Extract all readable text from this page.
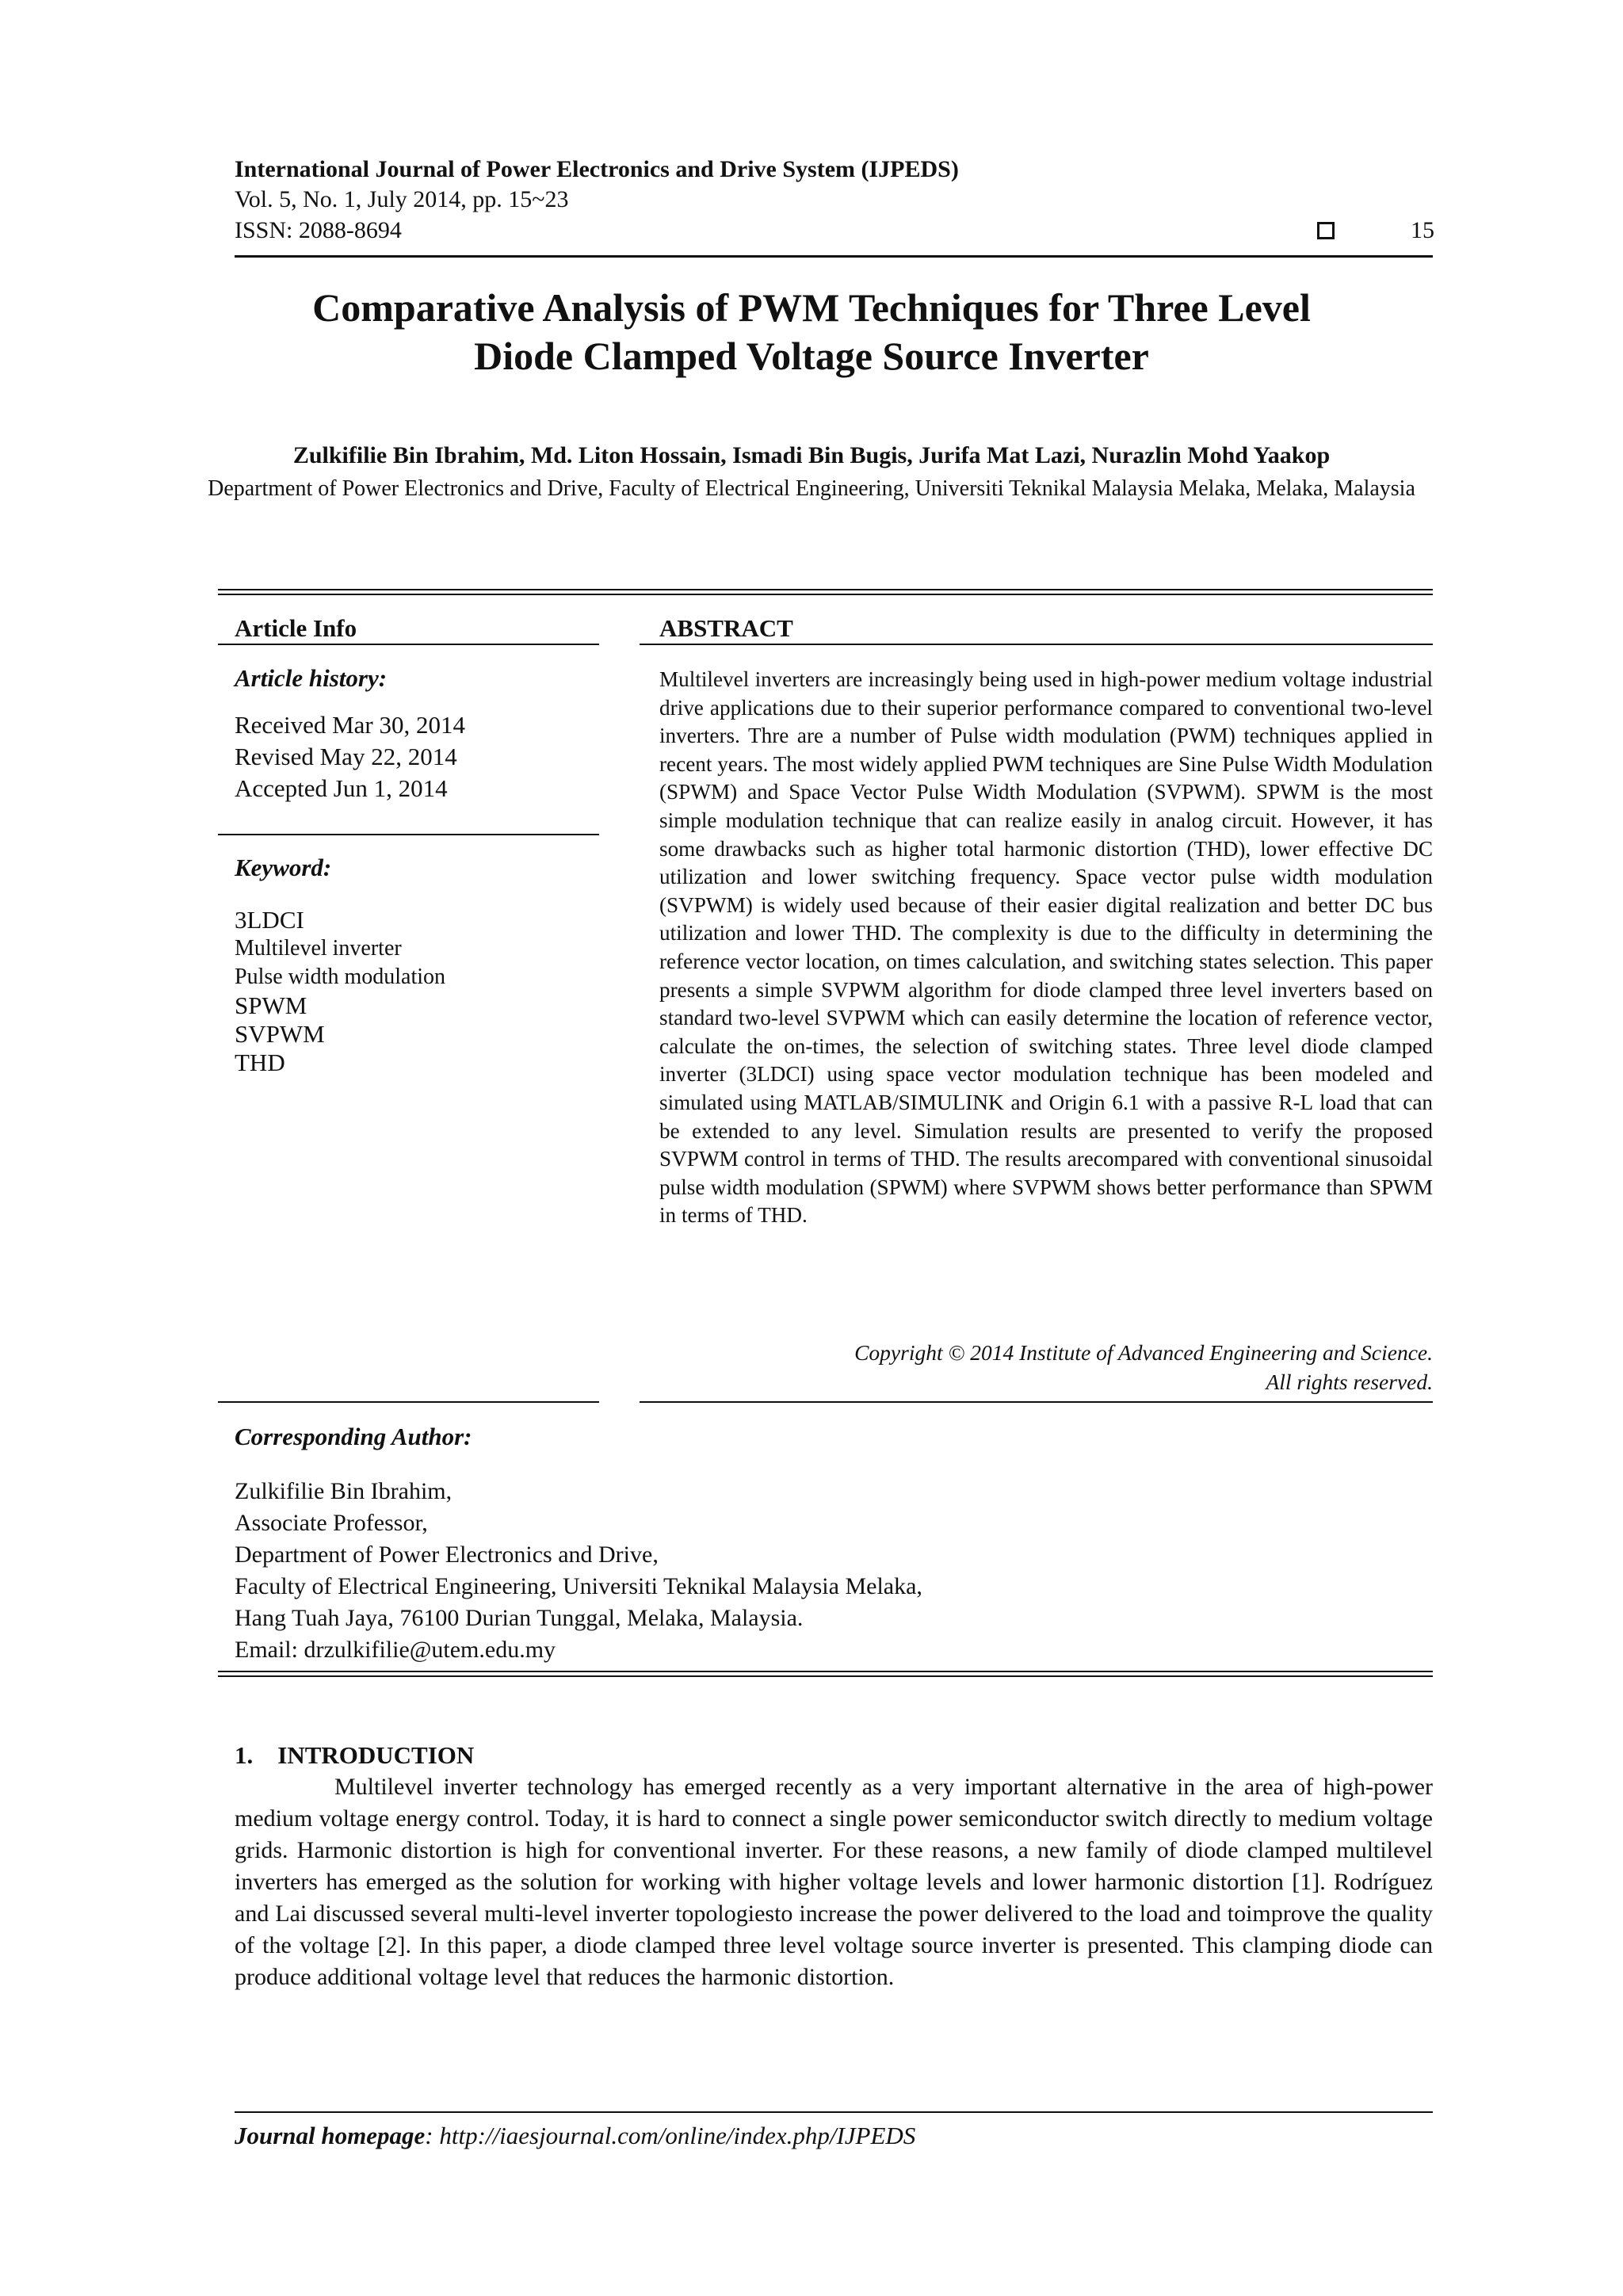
International Journal of Power Electronics and Drive System (IJPEDS)
Vol. 5, No. 1, July 2014, pp. 15~23
ISSN: 2088-8694	15
Comparative Analysis of PWM Techniques for Three Level
Diode Clamped Voltage Source Inverter
Zulkifilie Bin Ibrahim, Md. Liton Hossain, Ismadi Bin Bugis, Jurifa Mat Lazi, Nurazlin Mohd Yaakop
Department of Power Electronics and Drive, Faculty of Electrical Engineering, Universiti Teknikal Malaysia Melaka, Melaka, Malaysia
Article Info
Article history:
Received Mar 30, 2014
Revised May 22, 2014
Accepted Jun 1, 2014
Keyword:
3LDCI
Multilevel inverter
Pulse width modulation
SPWM
SVPWM
THD
ABSTRACT
Multilevel inverters are increasingly being used in high-power medium voltage industrial drive applications due to their superior performance compared to conventional two-level inverters. Thre are a number of Pulse width modulation (PWM) techniques applied in recent years. The most widely applied PWM techniques are Sine Pulse Width Modulation (SPWM) and Space Vector Pulse Width Modulation (SVPWM). SPWM is the most simple modulation technique that can realize easily in analog circuit. However, it has some drawbacks such as higher total harmonic distortion (THD), lower effective DC utilization and lower switching frequency. Space vector pulse width modulation (SVPWM) is widely used because of their easier digital realization and better DC bus utilization and lower THD. The complexity is due to the difficulty in determining the reference vector location, on times calculation, and switching states selection. This paper presents a simple SVPWM algorithm for diode clamped three level inverters based on standard two-level SVPWM which can easily determine the location of reference vector, calculate the on-times, the selection of switching states. Three level diode clamped inverter (3LDCI) using space vector modulation technique has been modeled and simulated using MATLAB/SIMULINK and Origin 6.1 with a passive R-L load that can be extended to any level. Simulation results are presented to verify the proposed SVPWM control in terms of THD. The results arecompared with conventional sinusoidal pulse width modulation (SPWM) where SVPWM shows better performance than SPWM in terms of THD.
Copyright © 2014 Institute of Advanced Engineering and Science.
All rights reserved.
Corresponding Author:
Zulkifilie Bin Ibrahim,
Associate Professor,
Department of Power Electronics and Drive,
Faculty of Electrical Engineering, Universiti Teknikal Malaysia Melaka,
Hang Tuah Jaya, 76100 Durian Tunggal, Melaka, Malaysia.
Email: drzulkifilie@utem.edu.my
1.    INTRODUCTION
Multilevel inverter technology has emerged recently as a very important alternative in the area of high-power medium voltage energy control. Today, it is hard to connect a single power semiconductor switch directly to medium voltage grids. Harmonic distortion is high for conventional inverter. For these reasons, a new family of diode clamped multilevel inverters has emerged as the solution for working with higher voltage levels and lower harmonic distortion [1]. Rodríguez and Lai discussed several multi-level inverter topologiesto increase the power delivered to the load and toimprove the quality of the voltage [2]. In this paper, a diode clamped three level voltage source inverter is presented. This clamping diode can produce additional voltage level that reduces the harmonic distortion.
Journal homepage: http://iaesjournal.com/online/index.php/IJPEDS
